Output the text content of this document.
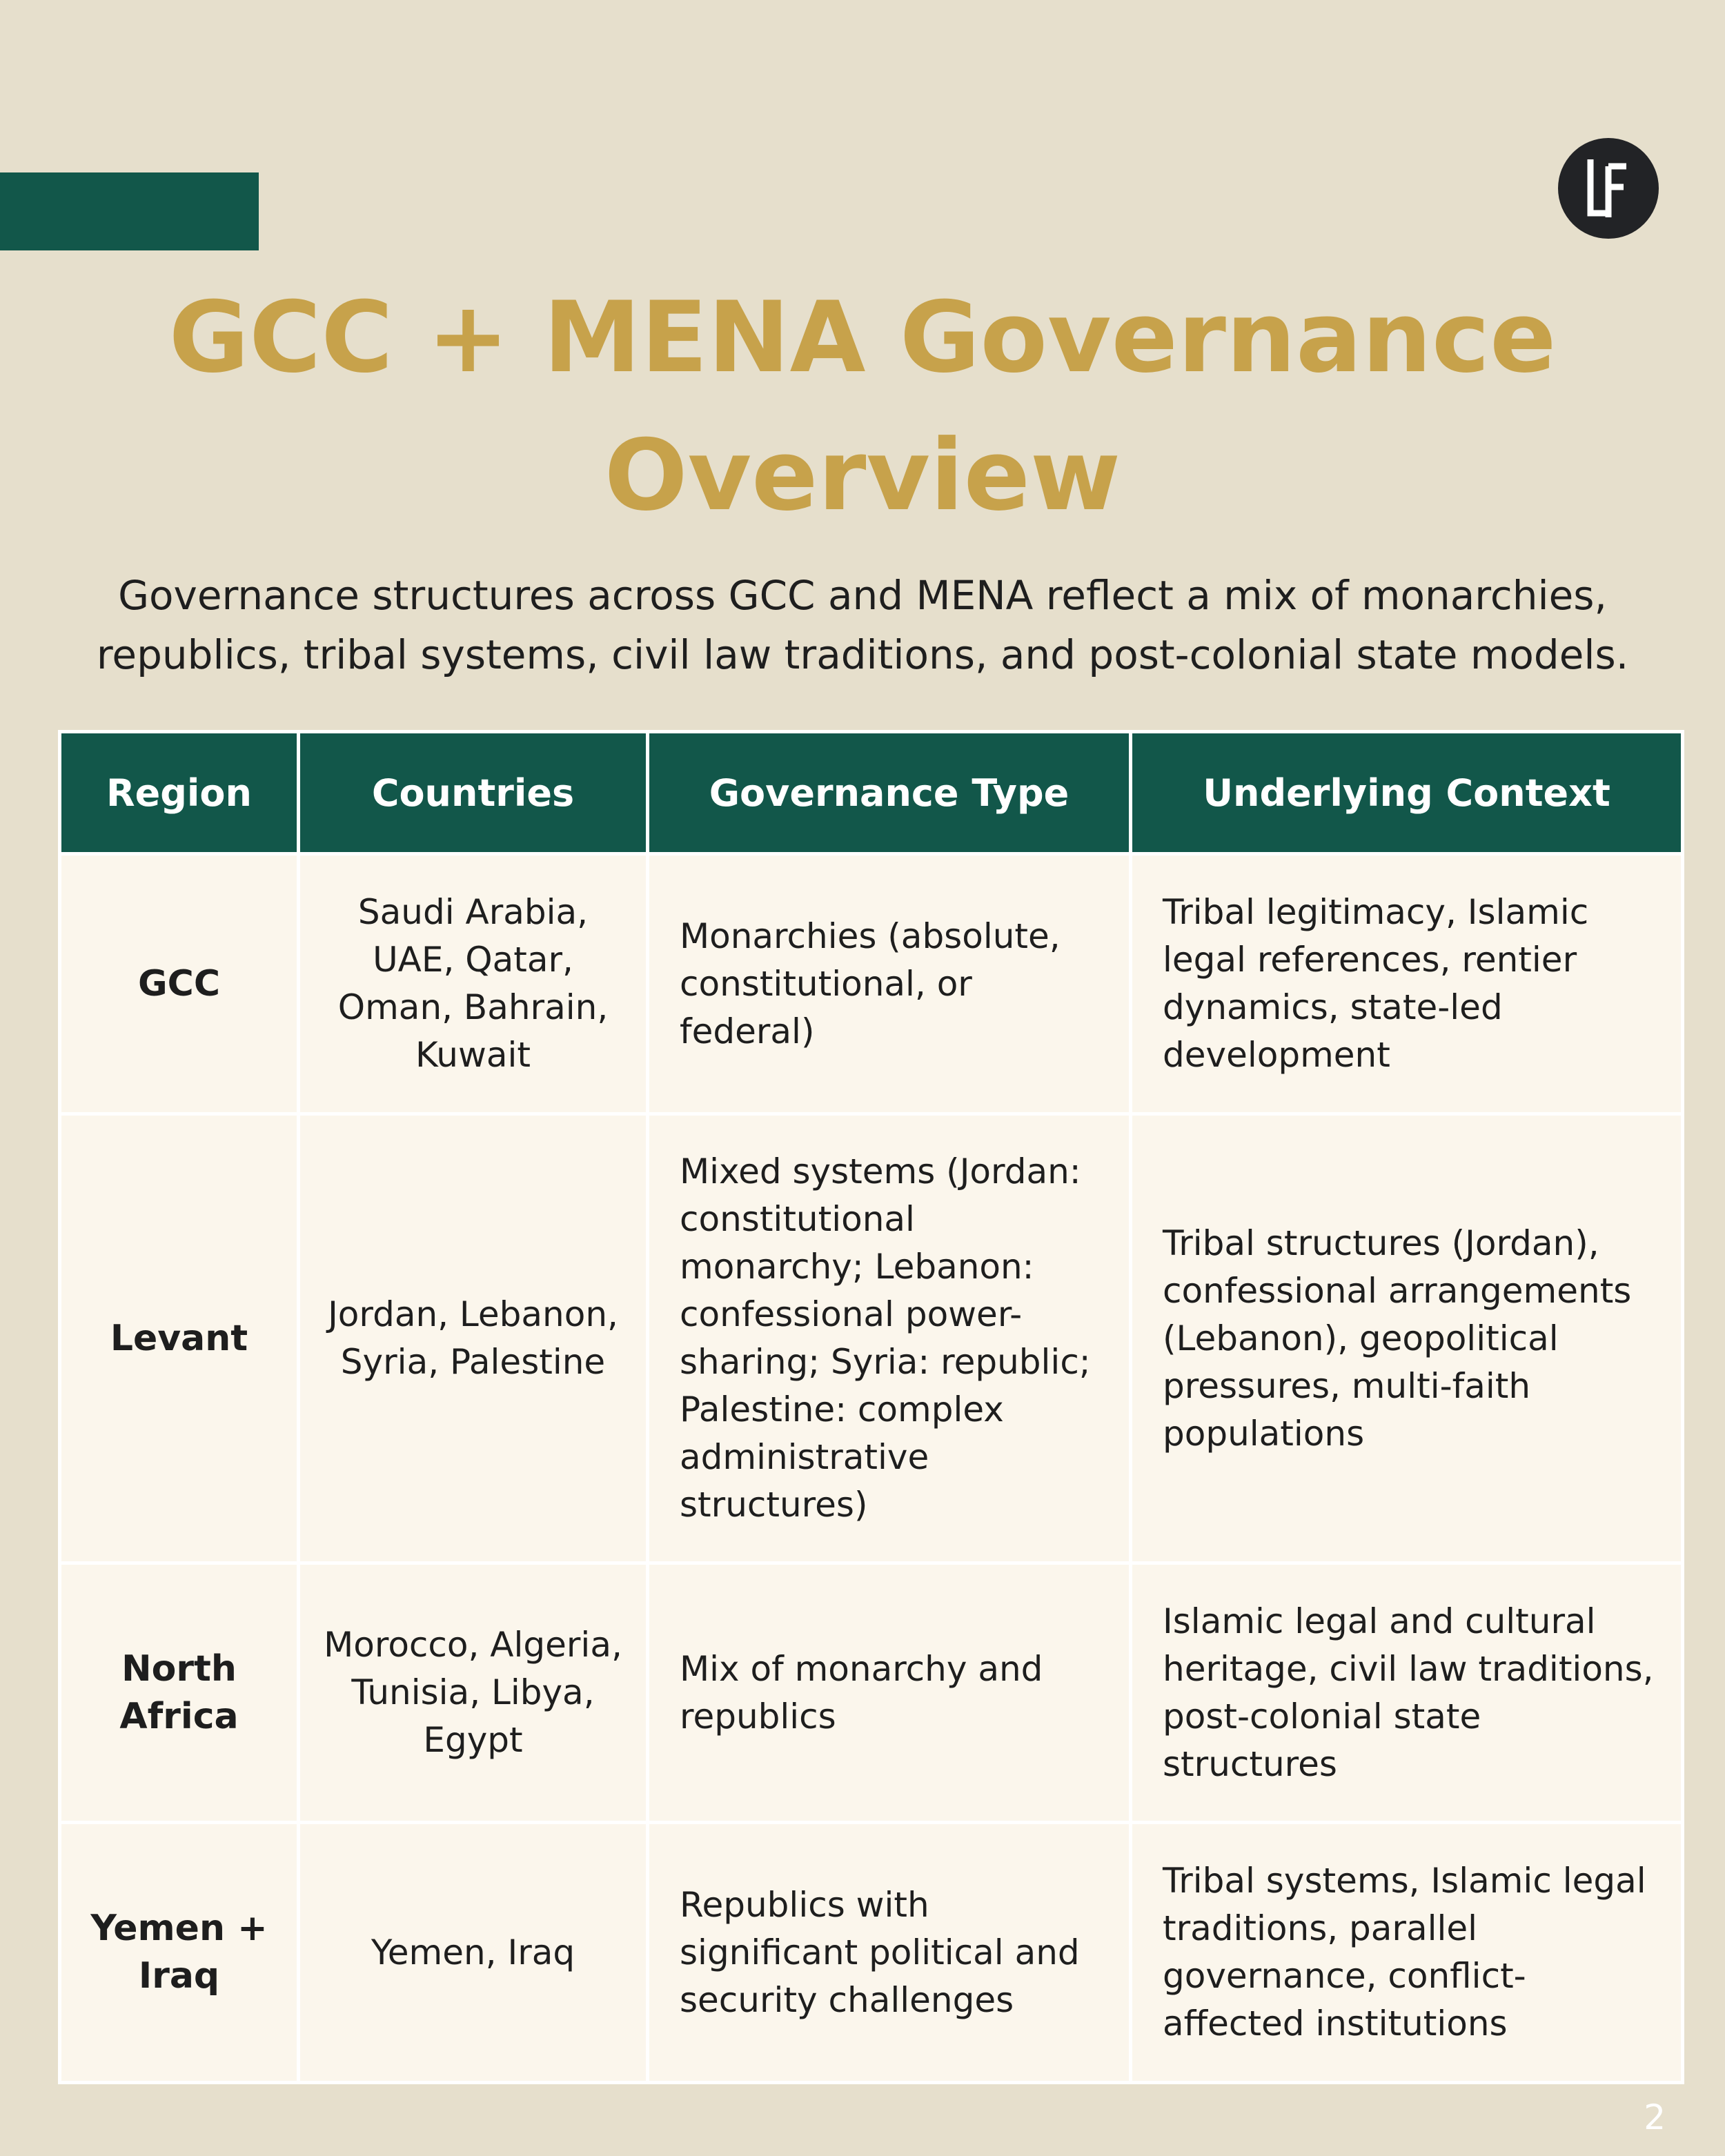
GCC + MENA Governance Overview

Governance structures across GCC and MENA reflect a mix of monarchies, republics, tribal systems, civil law traditions, and post-colonial state models.

Region	Countries	Governance Type	Underlying Context
GCC	Saudi Arabia, UAE, Qatar, Oman, Bahrain, Kuwait	Monarchies (absolute, constitutional, or federal)	Tribal legitimacy, Islamic legal references, rentier dynamics, state-led development
Levant	Jordan, Lebanon, Syria, Palestine	Mixed systems (Jordan: constitutional monarchy; Lebanon: confessional power-sharing; Syria: republic; Palestine: complex administrative structures)	Tribal structures (Jordan), confessional arrangements (Lebanon), geopolitical pressures, multi-faith populations
North Africa	Morocco, Algeria, Tunisia, Libya, Egypt	Mix of monarchy and republics	Islamic legal and cultural heritage, civil law traditions, post-colonial state structures
Yemen + Iraq	Yemen, Iraq	Republics with significant political and security challenges	Tribal systems, Islamic legal traditions, parallel governance, conflict-affected institutions
2
